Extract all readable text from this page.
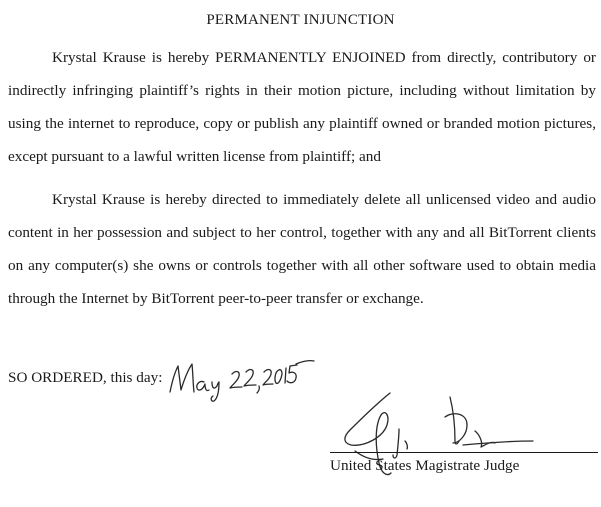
PERMANENT INJUNCTION
Krystal Krause is hereby PERMANENTLY ENJOINED from directly, contributory or indirectly infringing plaintiff’s rights in their motion picture, including without limitation by using the internet to reproduce, copy or publish any plaintiff owned or branded motion pictures, except pursuant to a lawful written license from plaintiff; and
Krystal Krause is hereby directed to immediately delete all unlicensed video and audio content in her possession and subject to her control, together with any and all BitTorrent clients on any computer(s) she owns or controls together with all other software used to obtain media through the Internet by BitTorrent peer-to-peer transfer or exchange.
SO ORDERED, this day:
United States Magistrate Judge
